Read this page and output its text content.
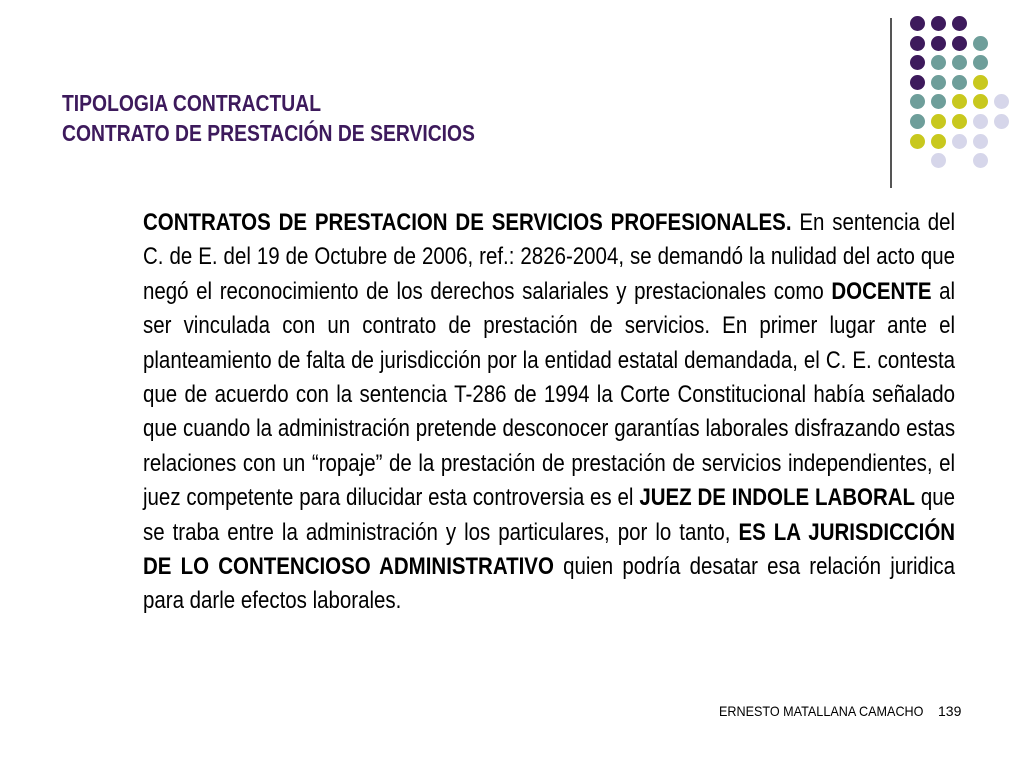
TIPOLOGIA CONTRACTUAL
CONTRATO DE PRESTACIÓN DE SERVICIOS
CONTRATOS DE PRESTACION DE SERVICIOS PROFESIONALES. En sentencia del C. de E. del 19 de Octubre de 2006, ref.: 2826-2004, se demandó la nulidad del acto que negó el reconocimiento de los derechos salariales y prestacionales como DOCENTE al ser vinculada con un contrato de prestación de servicios. En primer lugar ante el planteamiento de falta de jurisdicción por la entidad estatal demandada, el C. E. contesta que de acuerdo con la sentencia T-286 de 1994 la Corte Constitucional había señalado que cuando la administración pretende desconocer garantías laborales disfrazando estas relaciones con un “ropaje” de la prestación de prestación de servicios independientes, el juez competente para dilucidar esta controversia es el JUEZ DE INDOLE LABORAL que se traba entre la administración y los particulares, por lo tanto, ES LA JURISDICCIÓN DE LO CONTENCIOSO ADMINISTRATIVO quien podría desatar esa relación juridica para darle efectos laborales.
ERNESTO MATALLANA CAMACHO 139
